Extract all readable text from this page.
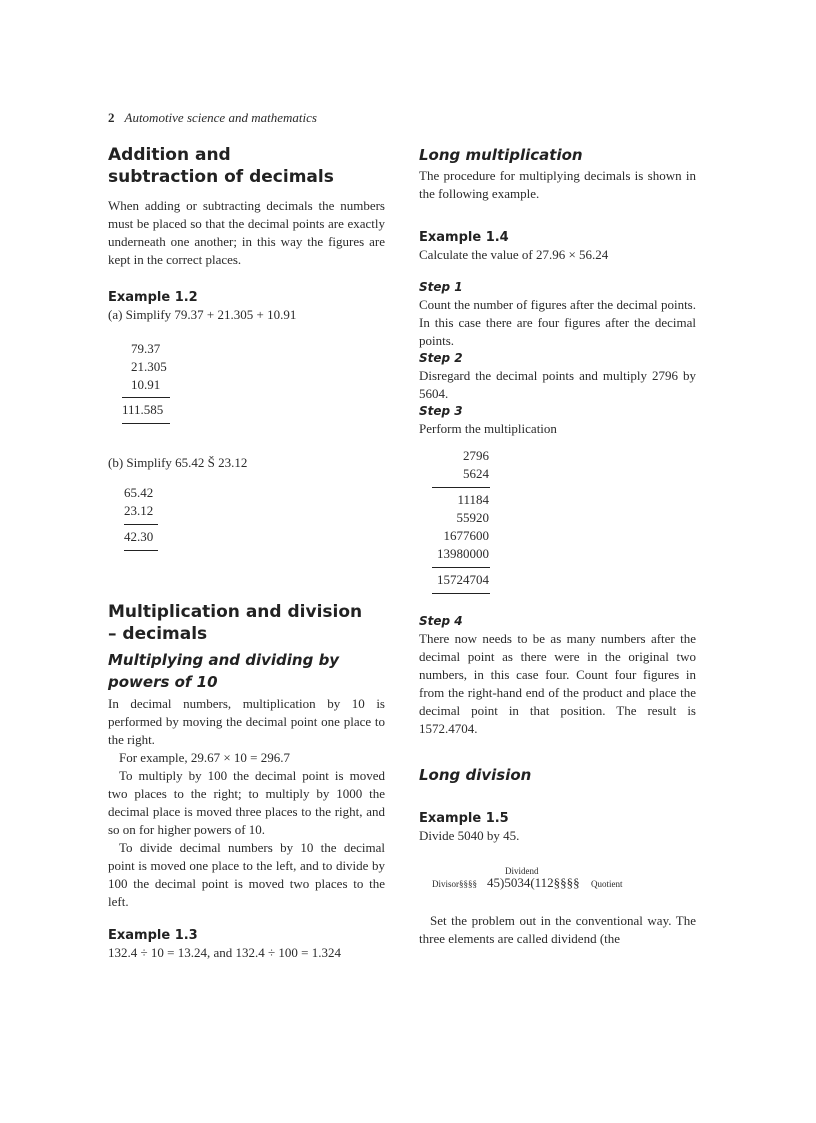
2 Automotive science and mathematics
Addition and subtraction of decimals

When adding or subtracting decimals the numbers must be placed so that the decimal points are exactly underneath one another; in this way the figures are kept in the correct places.

Example 1.2

(a) Simplify 79.37 + 21.305 + 10.91

79.37
21.305
10.91
111.585

(b) Simplify 65.42 Š 23.12

65.42
23.12
42.30
Multiplication and division – decimals
Multiplying and dividing by powers of 10

In decimal numbers, multiplication by 10 is performed by moving the decimal point one place to the right.

For example, 29.67 × 10 = 296.7

To multiply by 100 the decimal point is moved two places to the right; to multiply by 1000 the decimal place is moved three places to the right, and so on for higher powers of 10.

To divide decimal numbers by 10 the decimal point is moved one place to the left, and to divide by 100 the decimal point is moved two places to the left.

Example 1.3

132.4 ÷ 10 = 13.24, and 132.4 ÷ 100 = 1.324

Long multiplication

The procedure for multiplying decimals is shown in the following example.

Example 1.4

Calculate the value of 27.96 × 56.24

Step 1

Count the number of figures after the decimal points. In this case there are four figures after the decimal points.

Step 2

Disregard the decimal points and multiply 2796 by 5604.

Step 3

Perform the multiplication

2796
5624
11184
55920
1677600
13980000
15724704
Step 4

There now needs to be as many numbers after the decimal point as there were in the original two numbers, in this case four. Count four figures in from the right-hand end of the product and place the decimal point in that position. The result is 1572.4704.

Long division
Example 1.5

Divide 5040 by 45.

Dividend
Divisor§§§§ 45)5034(112§§§§ Quotient

Set the problem out in the conventional way. The three elements are called dividend (the
